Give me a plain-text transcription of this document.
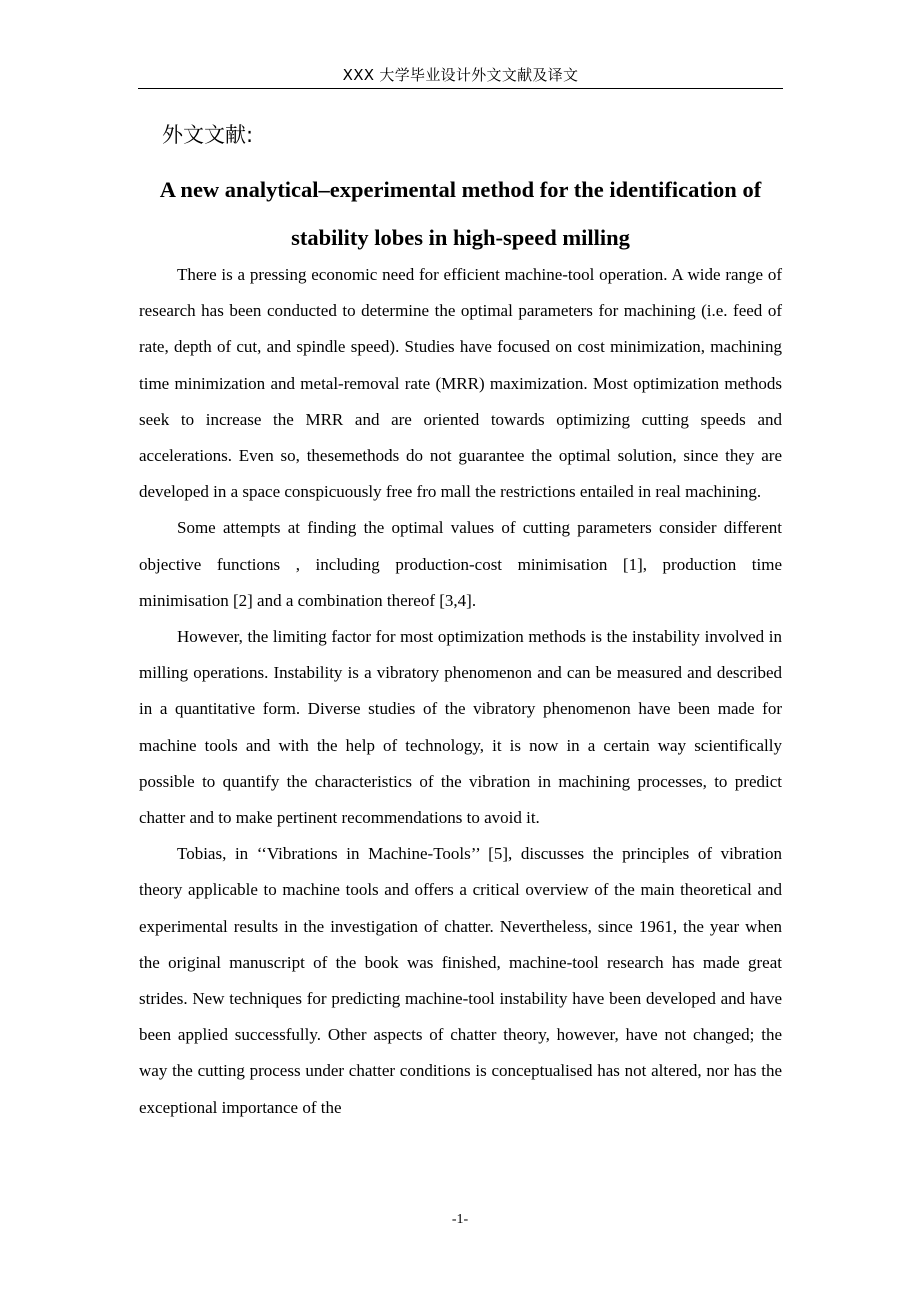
XXX 大学毕业设计外文文献及译文
外文文献:
A new analytical–experimental method for the identification of
stability lobes in high-speed milling

There is a pressing economic need for efficient machine-tool operation. A wide range of research has been conducted to determine the optimal parameters for machining (i.e. feed of rate, depth of cut, and spindle speed). Studies have focused on cost minimization, machining time minimization and metal-removal rate (MRR) maximization. Most optimization methods seek to increase the MRR and are oriented towards optimizing cutting speeds and accelerations. Even so, thesemethods do not guarantee the optimal solution, since they are developed in a space conspicuously free fro mall the restrictions entailed in real machining.

Some attempts at finding the optimal values of cutting parameters consider different objective functions , including production-cost minimisation [1], production time minimisation [2] and a combination thereof [3,4].

However, the limiting factor for most optimization methods is the instability involved in milling operations. Instability is a vibratory phenomenon and can be measured and described in a quantitative form. Diverse studies of the vibratory phenomenon have been made for machine tools and with the help of technology, it is now in a certain way scientifically possible to quantify the characteristics of the vibration in machining processes, to predict chatter and to make pertinent recommendations to avoid it.

Tobias, in ‘‘Vibrations in Machine-Tools’’ [5], discusses the principles of vibration theory applicable to machine tools and offers a critical overview of the main theoretical and experimental results in the investigation of chatter. Nevertheless, since 1961, the year when the original manuscript of the book was finished, machine-tool research has made great strides. New techniques for predicting machine-tool instability have been developed and have been applied successfully. Other aspects of chatter theory, however, have not changed; the way the cutting process under chatter conditions is conceptualised has not altered, nor has the exceptional importance of the

-1-
